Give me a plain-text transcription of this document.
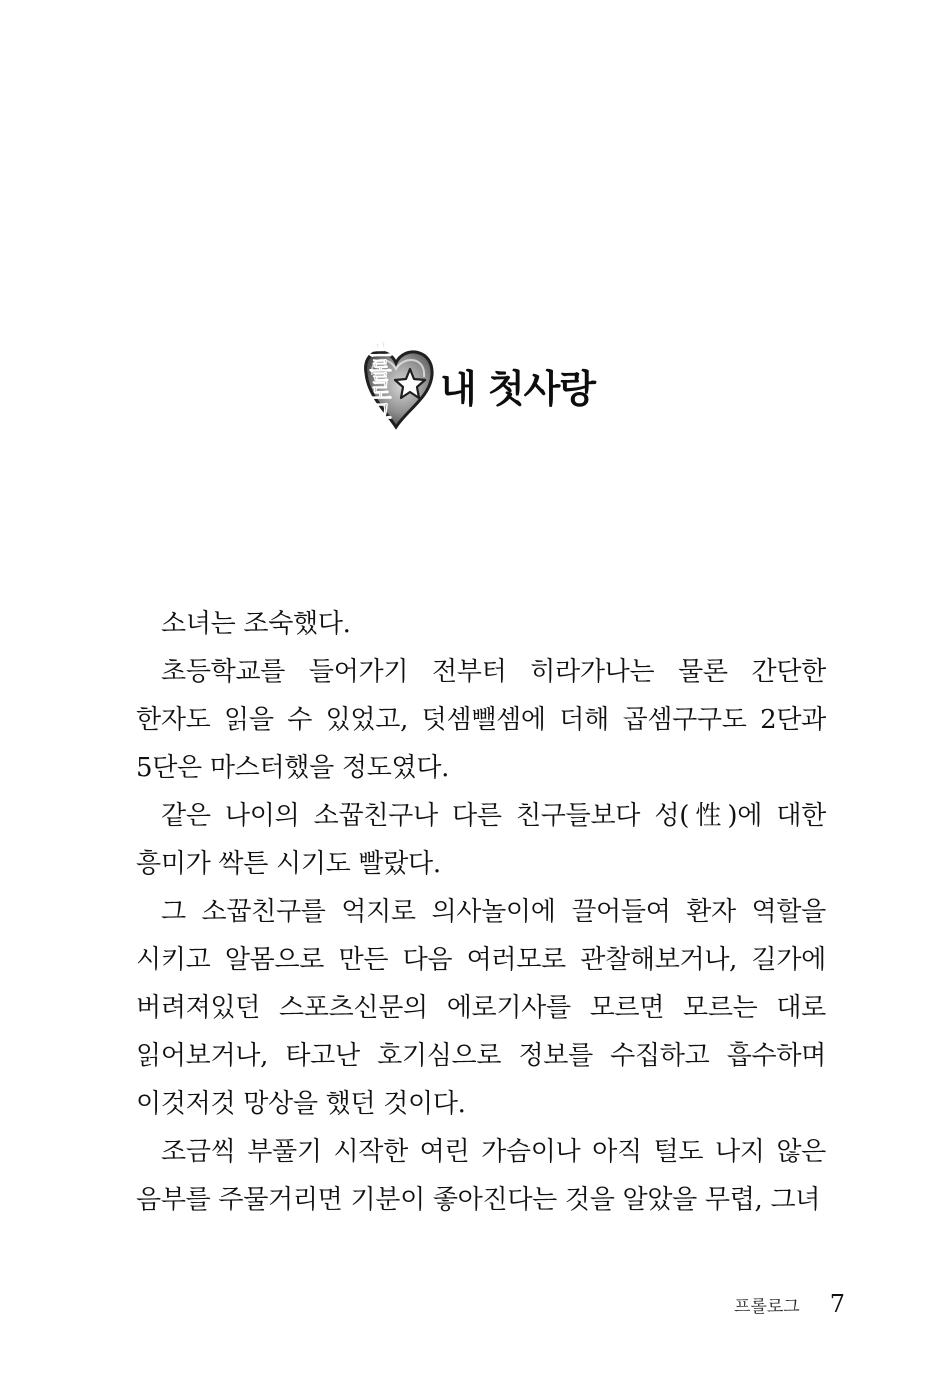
프롤로그 내 첫사랑

소녀는 조숙했다.

초등학교를 들어가기 전부터 히라가나는 물론 간단한 한자도 읽을 수 있었고, 덧셈뺄셈에 더해 곱셈구구도 2단과 5단은 마스터했을 정도였다.

같은 나이의 소꿉친구나 다른 친구들보다 성(性)에 대한 흥미가 싹튼 시기도 빨랐다.

그 소꿉친구를 억지로 의사놀이에 끌어들여 환자 역할을 시키고 알몸으로 만든 다음 여러모로 관찰해보거나, 길가에 버려져있던 스포츠신문의 에로기사를 모르면 모르는 대로 읽어보거나, 타고난 호기심으로 정보를 수집하고 흡수하며 이것저것 망상을 했던 것이다.

조금씩 부풀기 시작한 여린 가슴이나 아직 털도 나지 않은 음부를 주물거리면 기분이 좋아진다는 것을 알았을 무렵, 그녀

프롤로그 7
